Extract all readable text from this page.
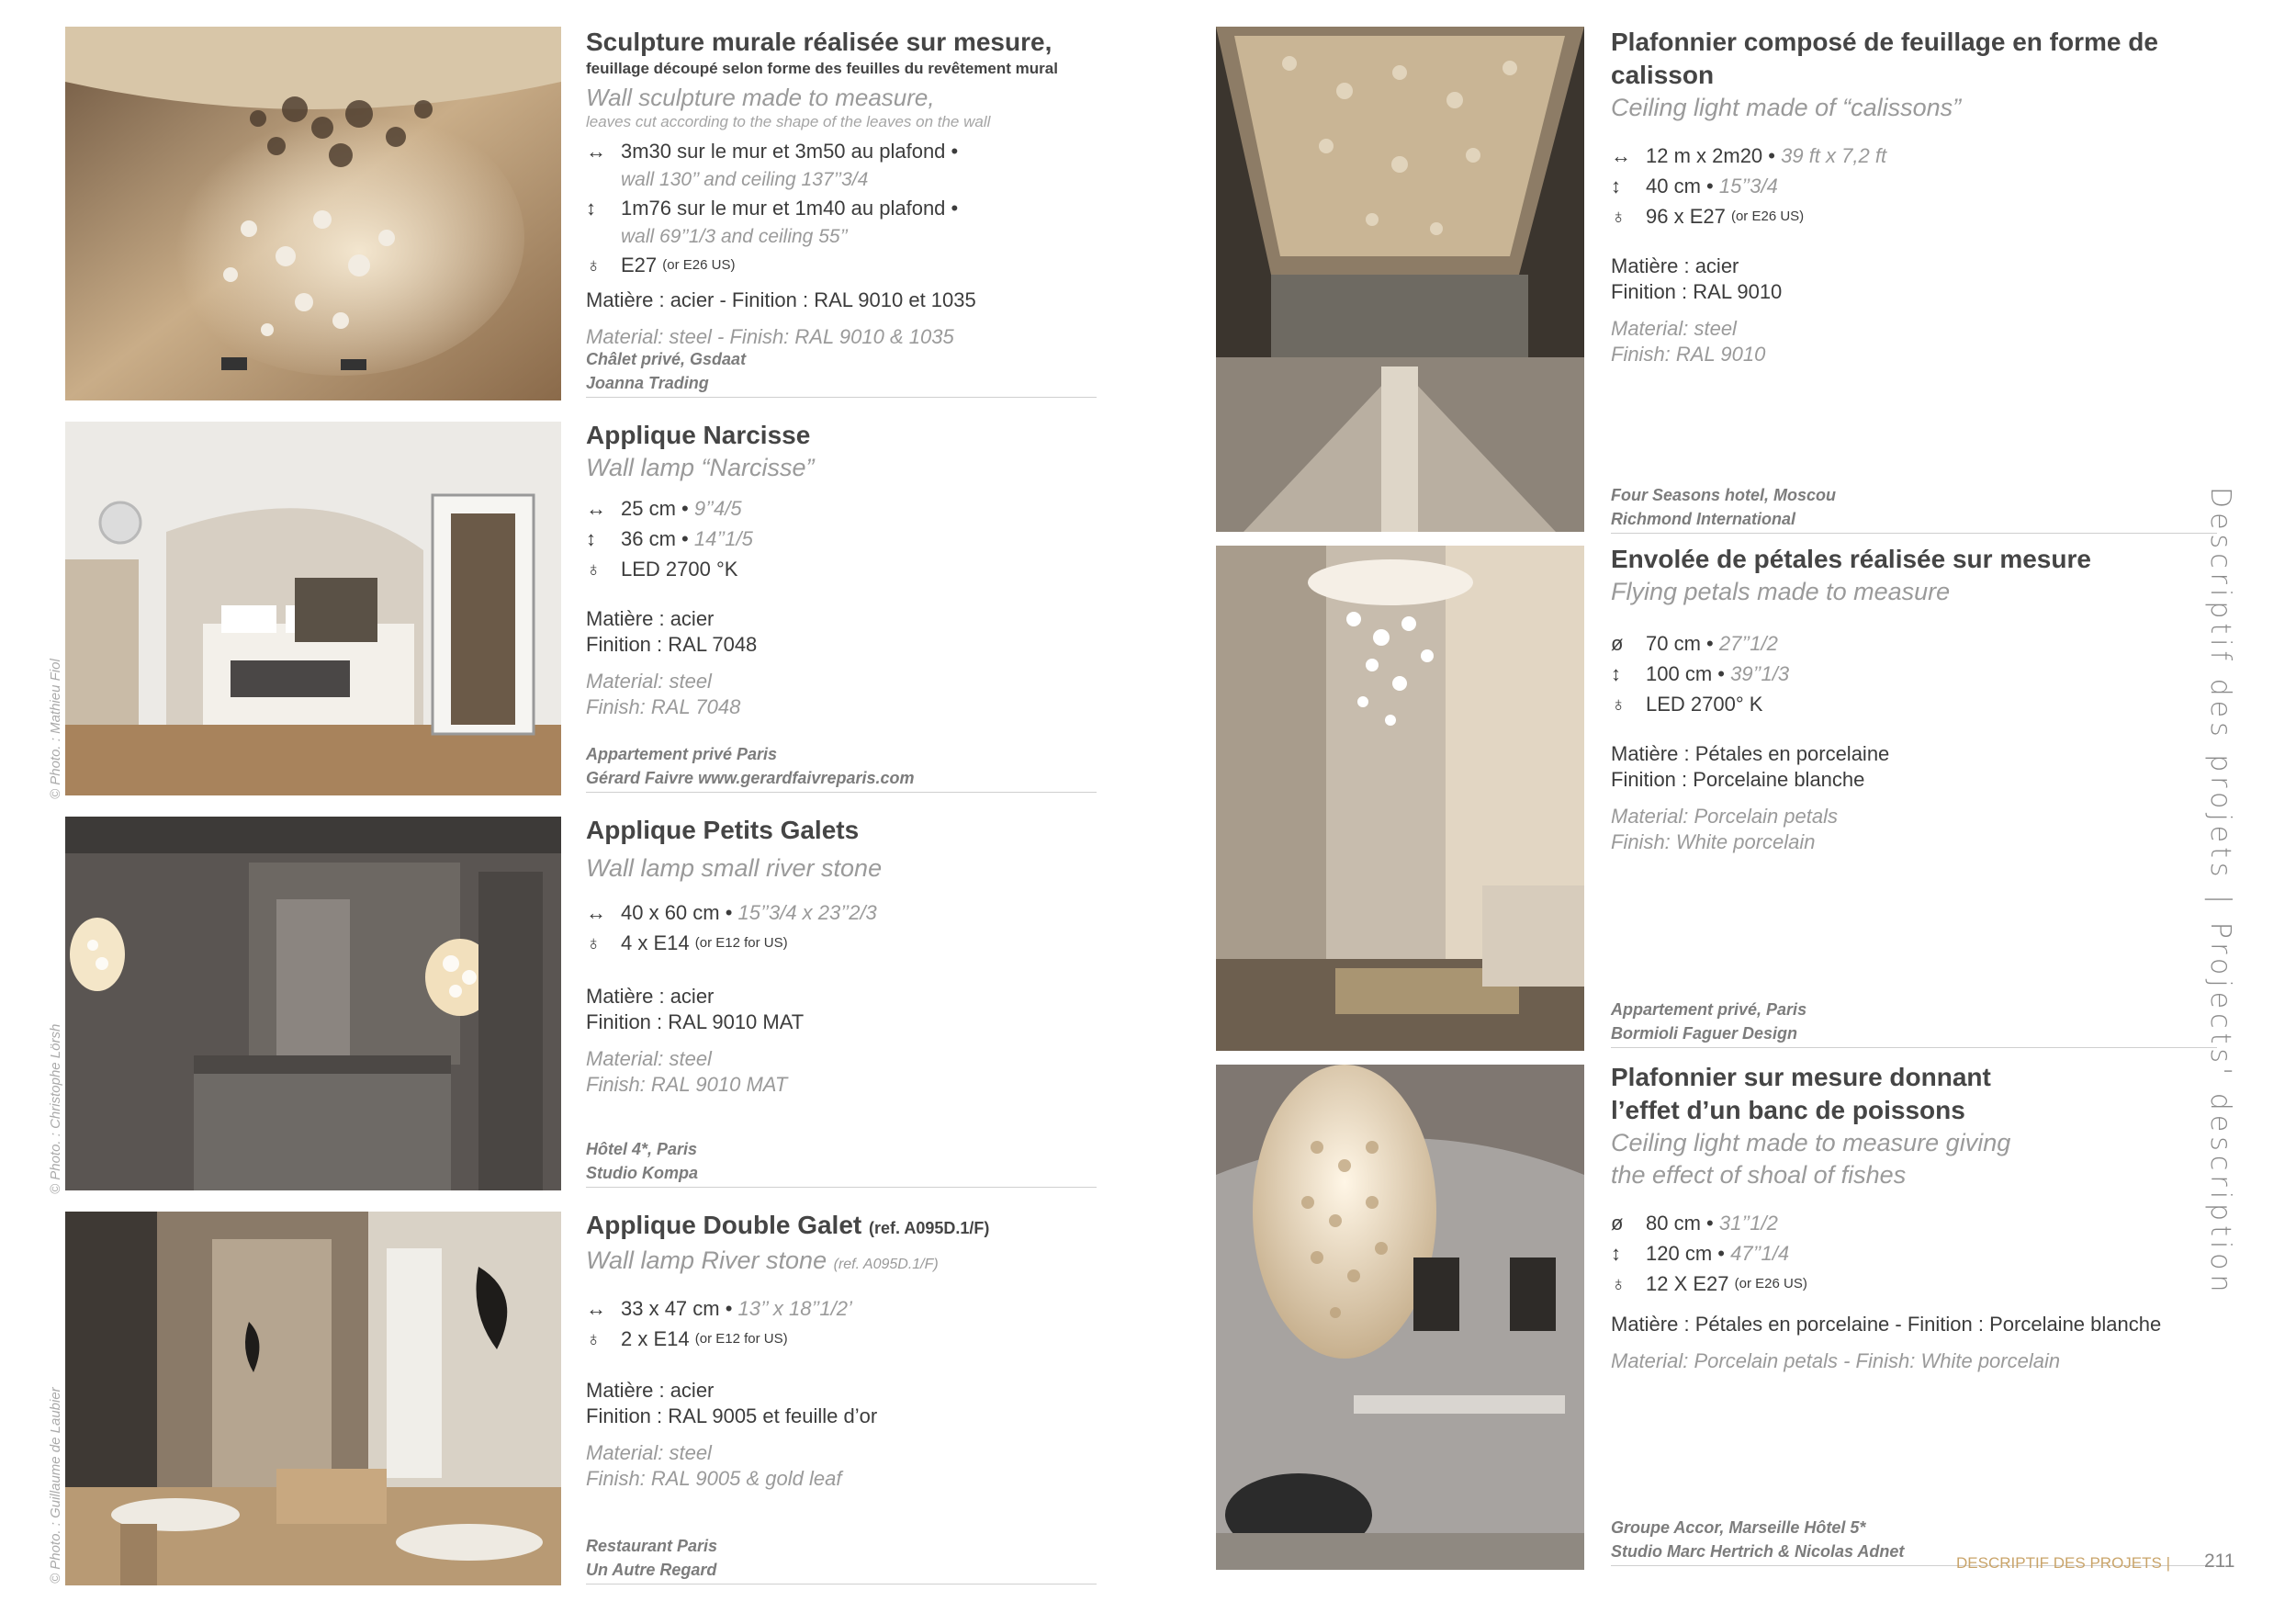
© Photo. : Mathieu Fiol
© Photo. : Christophe Lörsh
© Photo. : Guillaume de Laubier
Sculpture murale réalisée sur mesure,
feuillage découpé selon forme des feuilles du revêtement mural
Wall sculpture made to measure,
leaves cut according to the shape of the leaves on the wall
↔ 3m30 sur le mur et 3m50 au plafond •
wall 130’’ and ceiling 137’’3/4
↕	1m76 sur le mur et 1m40 au plafond •
wall 69’’1/3 and ceiling 55’’
♁ E27
(or E26 US)
Matière : acier - Finition : RAL 9010 et 1035
Material: steel - Finish: RAL 9010 & 1035
Châlet privé, Gsdaat
Joanna Trading
Applique Narcisse
Wall lamp “Narcisse”
↔ 25 cm •
9’’4/5
↕	36 cm •
14’’1/5
♁ LED 2700 °K
Matière : acier
Finition : RAL 7048
Material: steel
Finish: RAL 7048
Appartement privé Paris
Gérard Faivre www.gerardfaivreparis.com
Applique Petits Galets
Wall lamp small river stone
↔ 40 x 60 cm •
15’’3/4 x 23’’2/3
♁ 4 x E14
(or E12 for US)
Matière : acier
Finition : RAL 9010 MAT
Material: steel
Finish: RAL 9010 MAT
Hôtel 4*, Paris
Studio Kompa
Applique Double Galet (ref. A095D.1/F)
Wall lamp River stone (ref. A095D.1/F)
↔ 33 x 47 cm •
13’’ x 18’’1/2’
♁ 2 x E14
(or E12 for US)
Matière : acier
Finition : RAL 9005 et feuille d’or
Material: steel
Finish: RAL 9005 & gold leaf
Restaurant Paris
Un Autre Regard
Plafonnier composé de feuillage en forme de calisson
Ceiling light made of “calissons”
↔ 12 m x 2m20 •
39 ft x 7,2 ft
↕	40 cm •
15’’3/4
♁ 96 x E27
(or E26 US)
Matière : acier
Finition : RAL 9010
Material: steel
Finish: RAL 9010
Four Seasons hotel, Moscou
Richmond International
Envolée de pétales réalisée sur mesure
Flying petals made to measure
ø	70 cm •
27’’1/2
↕	100 cm •
39’’1/3
♁ LED 2700° K
Matière : Pétales en porcelaine
Finition : Porcelaine blanche
Material: Porcelain petals
Finish: White porcelain
Appartement privé, Paris
Bormioli Faguer Design
Plafonnier sur mesure donnant
l’effet d’un banc de poissons
Ceiling light made to measure giving
the effect of shoal of fishes
ø	80 cm •
31’’1/2
↕	120 cm •
47’’1/4
♁ 12 X E27
(or E26 US)
Matière : Pétales en porcelaine - Finition : Porcelaine blanche
Material: Porcelain petals - Finish: White porcelain
Groupe Accor, Marseille Hôtel 5*
Studio Marc Hertrich & Nicolas Adnet
Descriptif des projets | Projects' description
DESCRIPTIF DES PROJETS | 211
